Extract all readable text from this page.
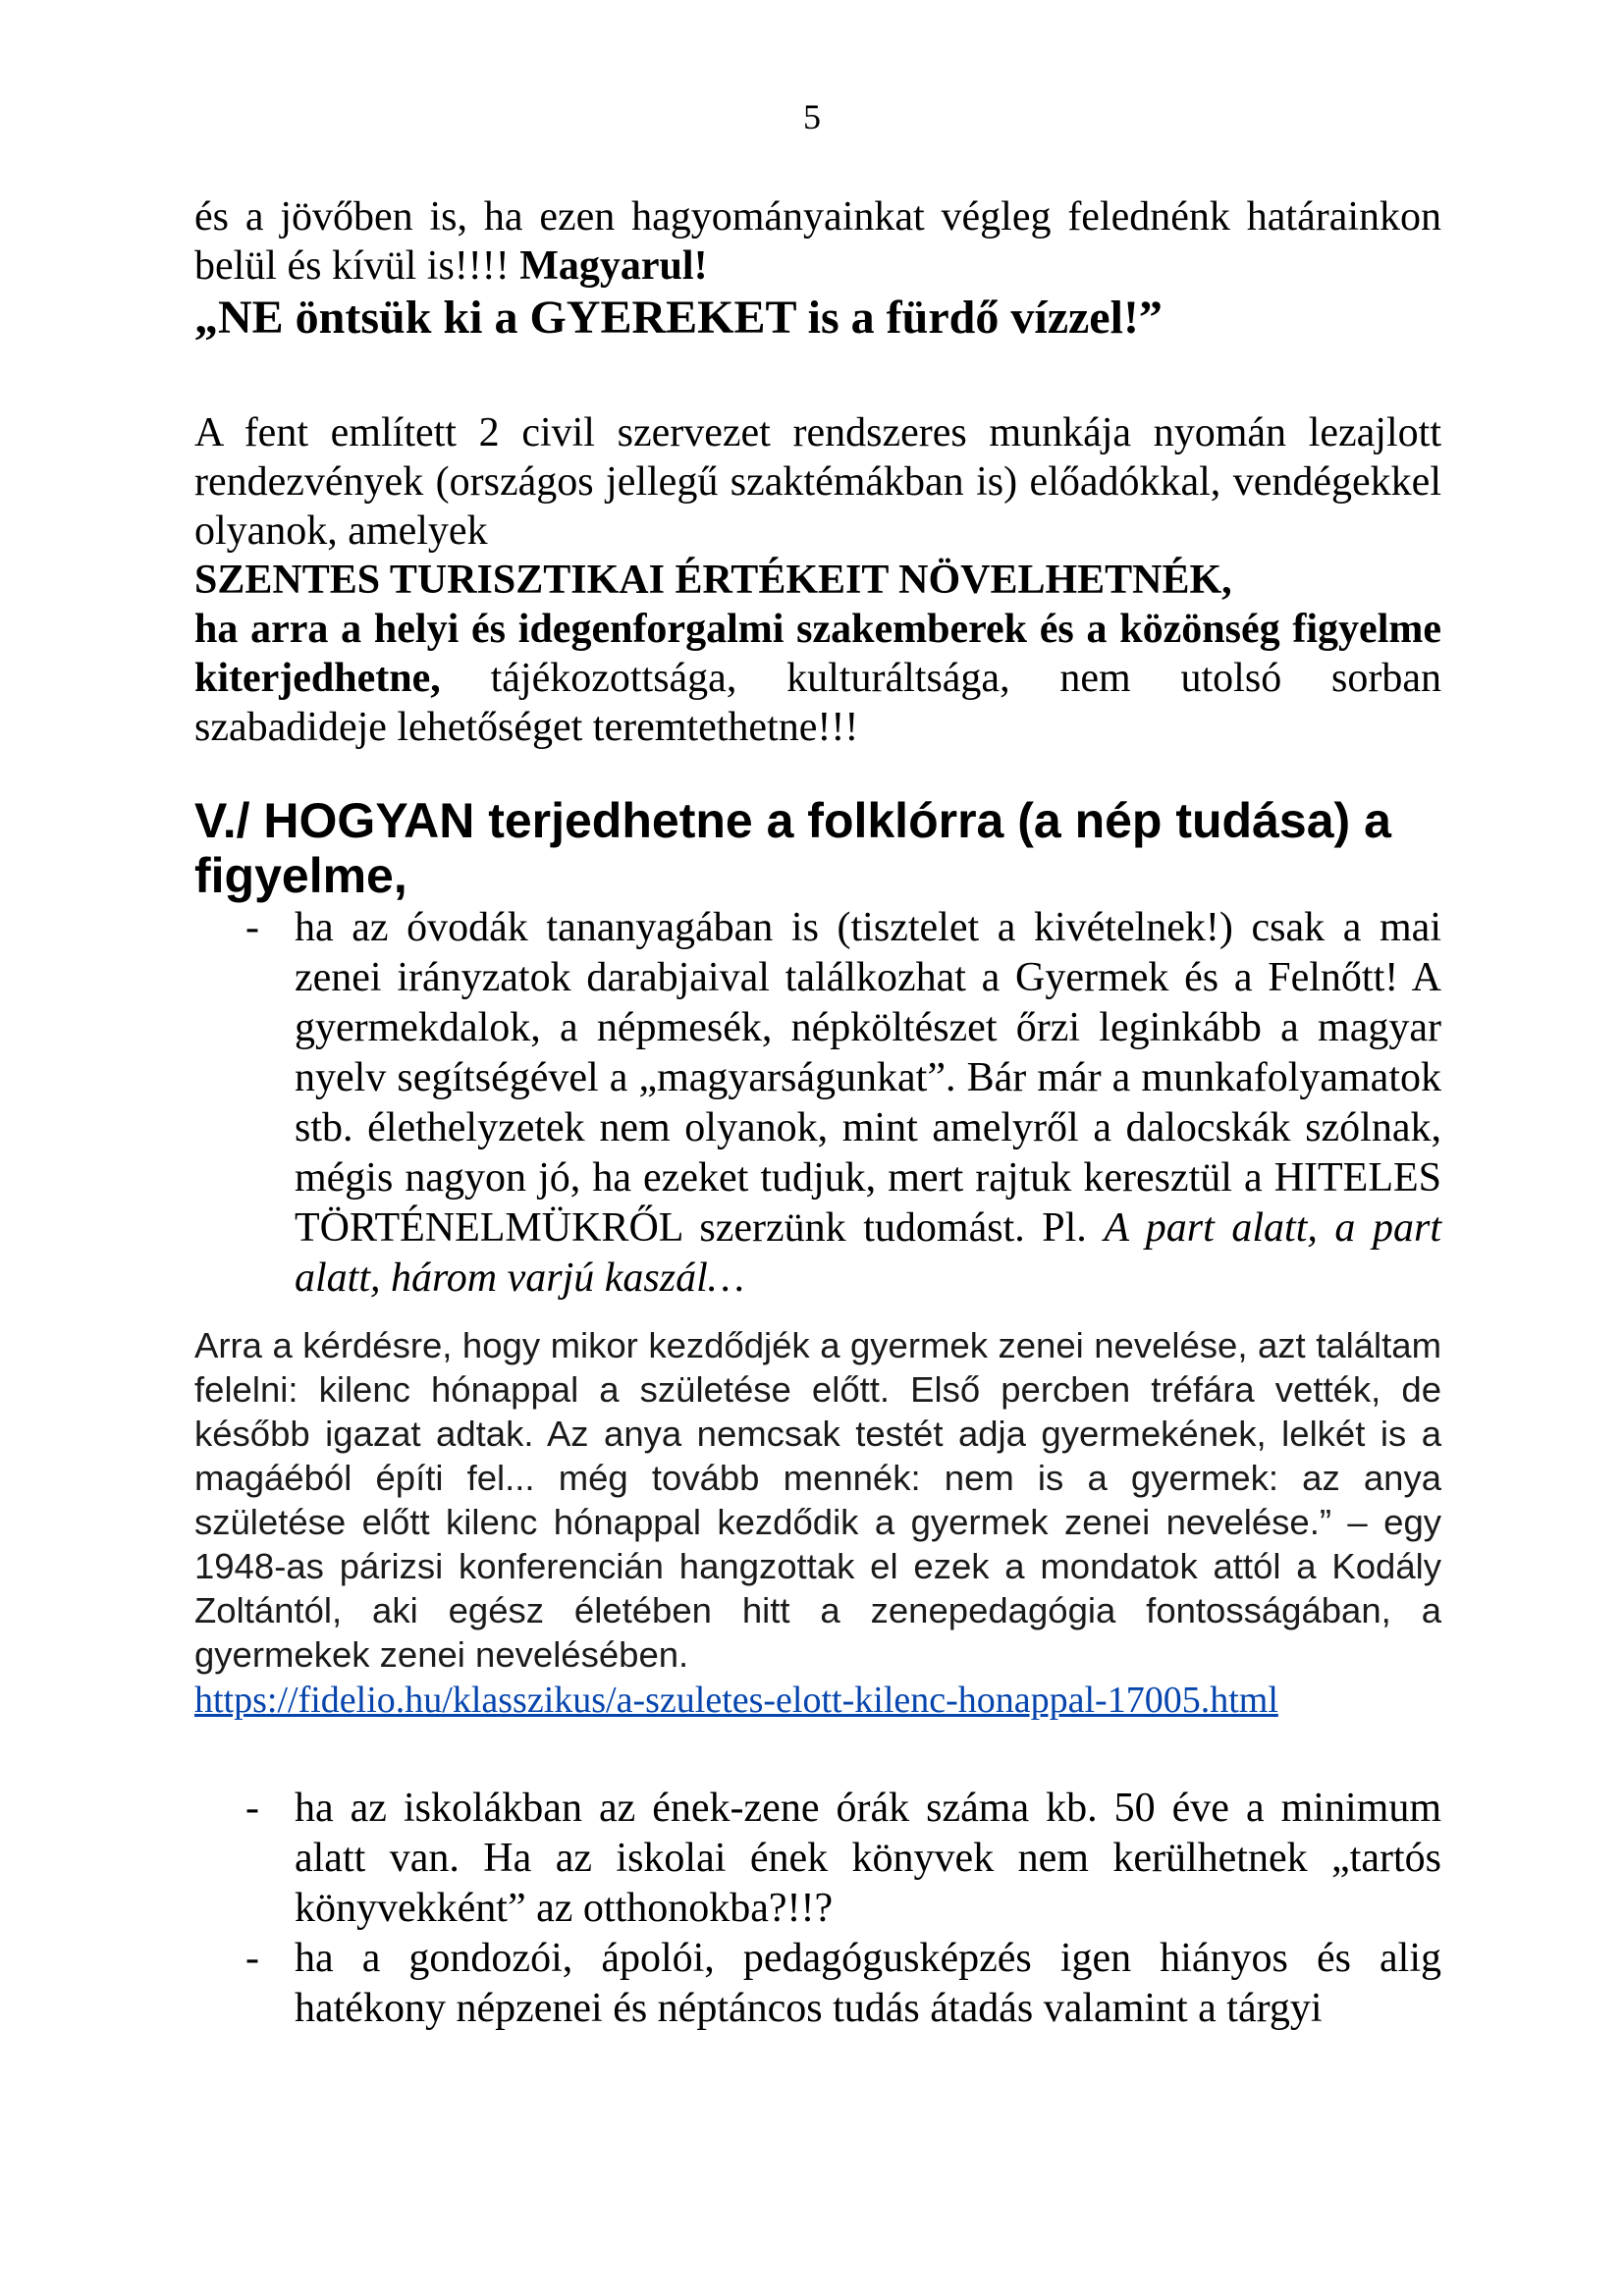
5

és a jövőben is, ha ezen hagyományainkat végleg felednénk határainkon belül és kívül is!!!! Magyarul!

„NE öntsük ki a GYEREKET is a fürdő vízzel!”

A fent említett 2 civil szervezet rendszeres munkája nyomán lezajlott rendezvények (országos jellegű szaktémákban is) előadókkal, vendégekkel olyanok, amelyek
SZENTES TURISZTIKAI ÉRTÉKEIT NÖVELHETNÉK,
ha arra a helyi és idegenforgalmi szakemberek és a közönség figyelme kiterjedhetne, tájékozottsága, kulturáltsága, nem utolsó sorban szabadideje lehetőséget teremtethetne!!!

V./ HOGYAN terjedhetne a folklórra (a nép tudása) a figyelme,
- ha az óvodák tananyagában is (tisztelet a kivételnek!) csak a mai zenei irányzatok darabjaival találkozhat a Gyermek és a Felnőtt! A gyermekdalok, a népmesék, népköltészet őrzi leginkább a magyar nyelv segítségével a „magyarságunkat”. Bár már a munkafolyamatok stb. élethelyzetek nem olyanok, mint amelyről a dalocskák szólnak, mégis nagyon jó, ha ezeket tudjuk, mert rajtuk keresztül a HITELES TÖRTÉNELMÜKRŐL szerzünk tudomást. Pl. A part alatt, a part alatt, három varjú kaszál…
Arra a kérdésre, hogy mikor kezdődjék a gyermek zenei nevelése, azt találtam felelni: kilenc hónappal a születése előtt. Első percben tréfára vették, de később igazat adtak. Az anya nemcsak testét adja gyermekének, lelkét is a magáéból építi fel... még tovább mennék: nem is a gyermek: az anya születése előtt kilenc hónappal kezdődik a gyermek zenei nevelése.” – egy 1948-as párizsi konferencián hangzottak el ezek a mondatok attól a Kodály Zoltántól, aki egész életében hitt a zenepedagógia fontosságában, a gyermekek zenei nevelésében.
https://fidelio.hu/klasszikus/a-szuletes-elott-kilenc-honappal-17005.html
- ha az iskolákban az ének-zene órák száma kb. 50 éve a minimum alatt van. Ha az iskolai ének könyvek nem kerülhetnek „tartós könyvekként” az otthonokba?!!?
- ha a gondozói, ápolói, pedagógusképzés igen hiányos és alig hatékony népzenei és néptáncos tudás átadás valamint a tárgyi
